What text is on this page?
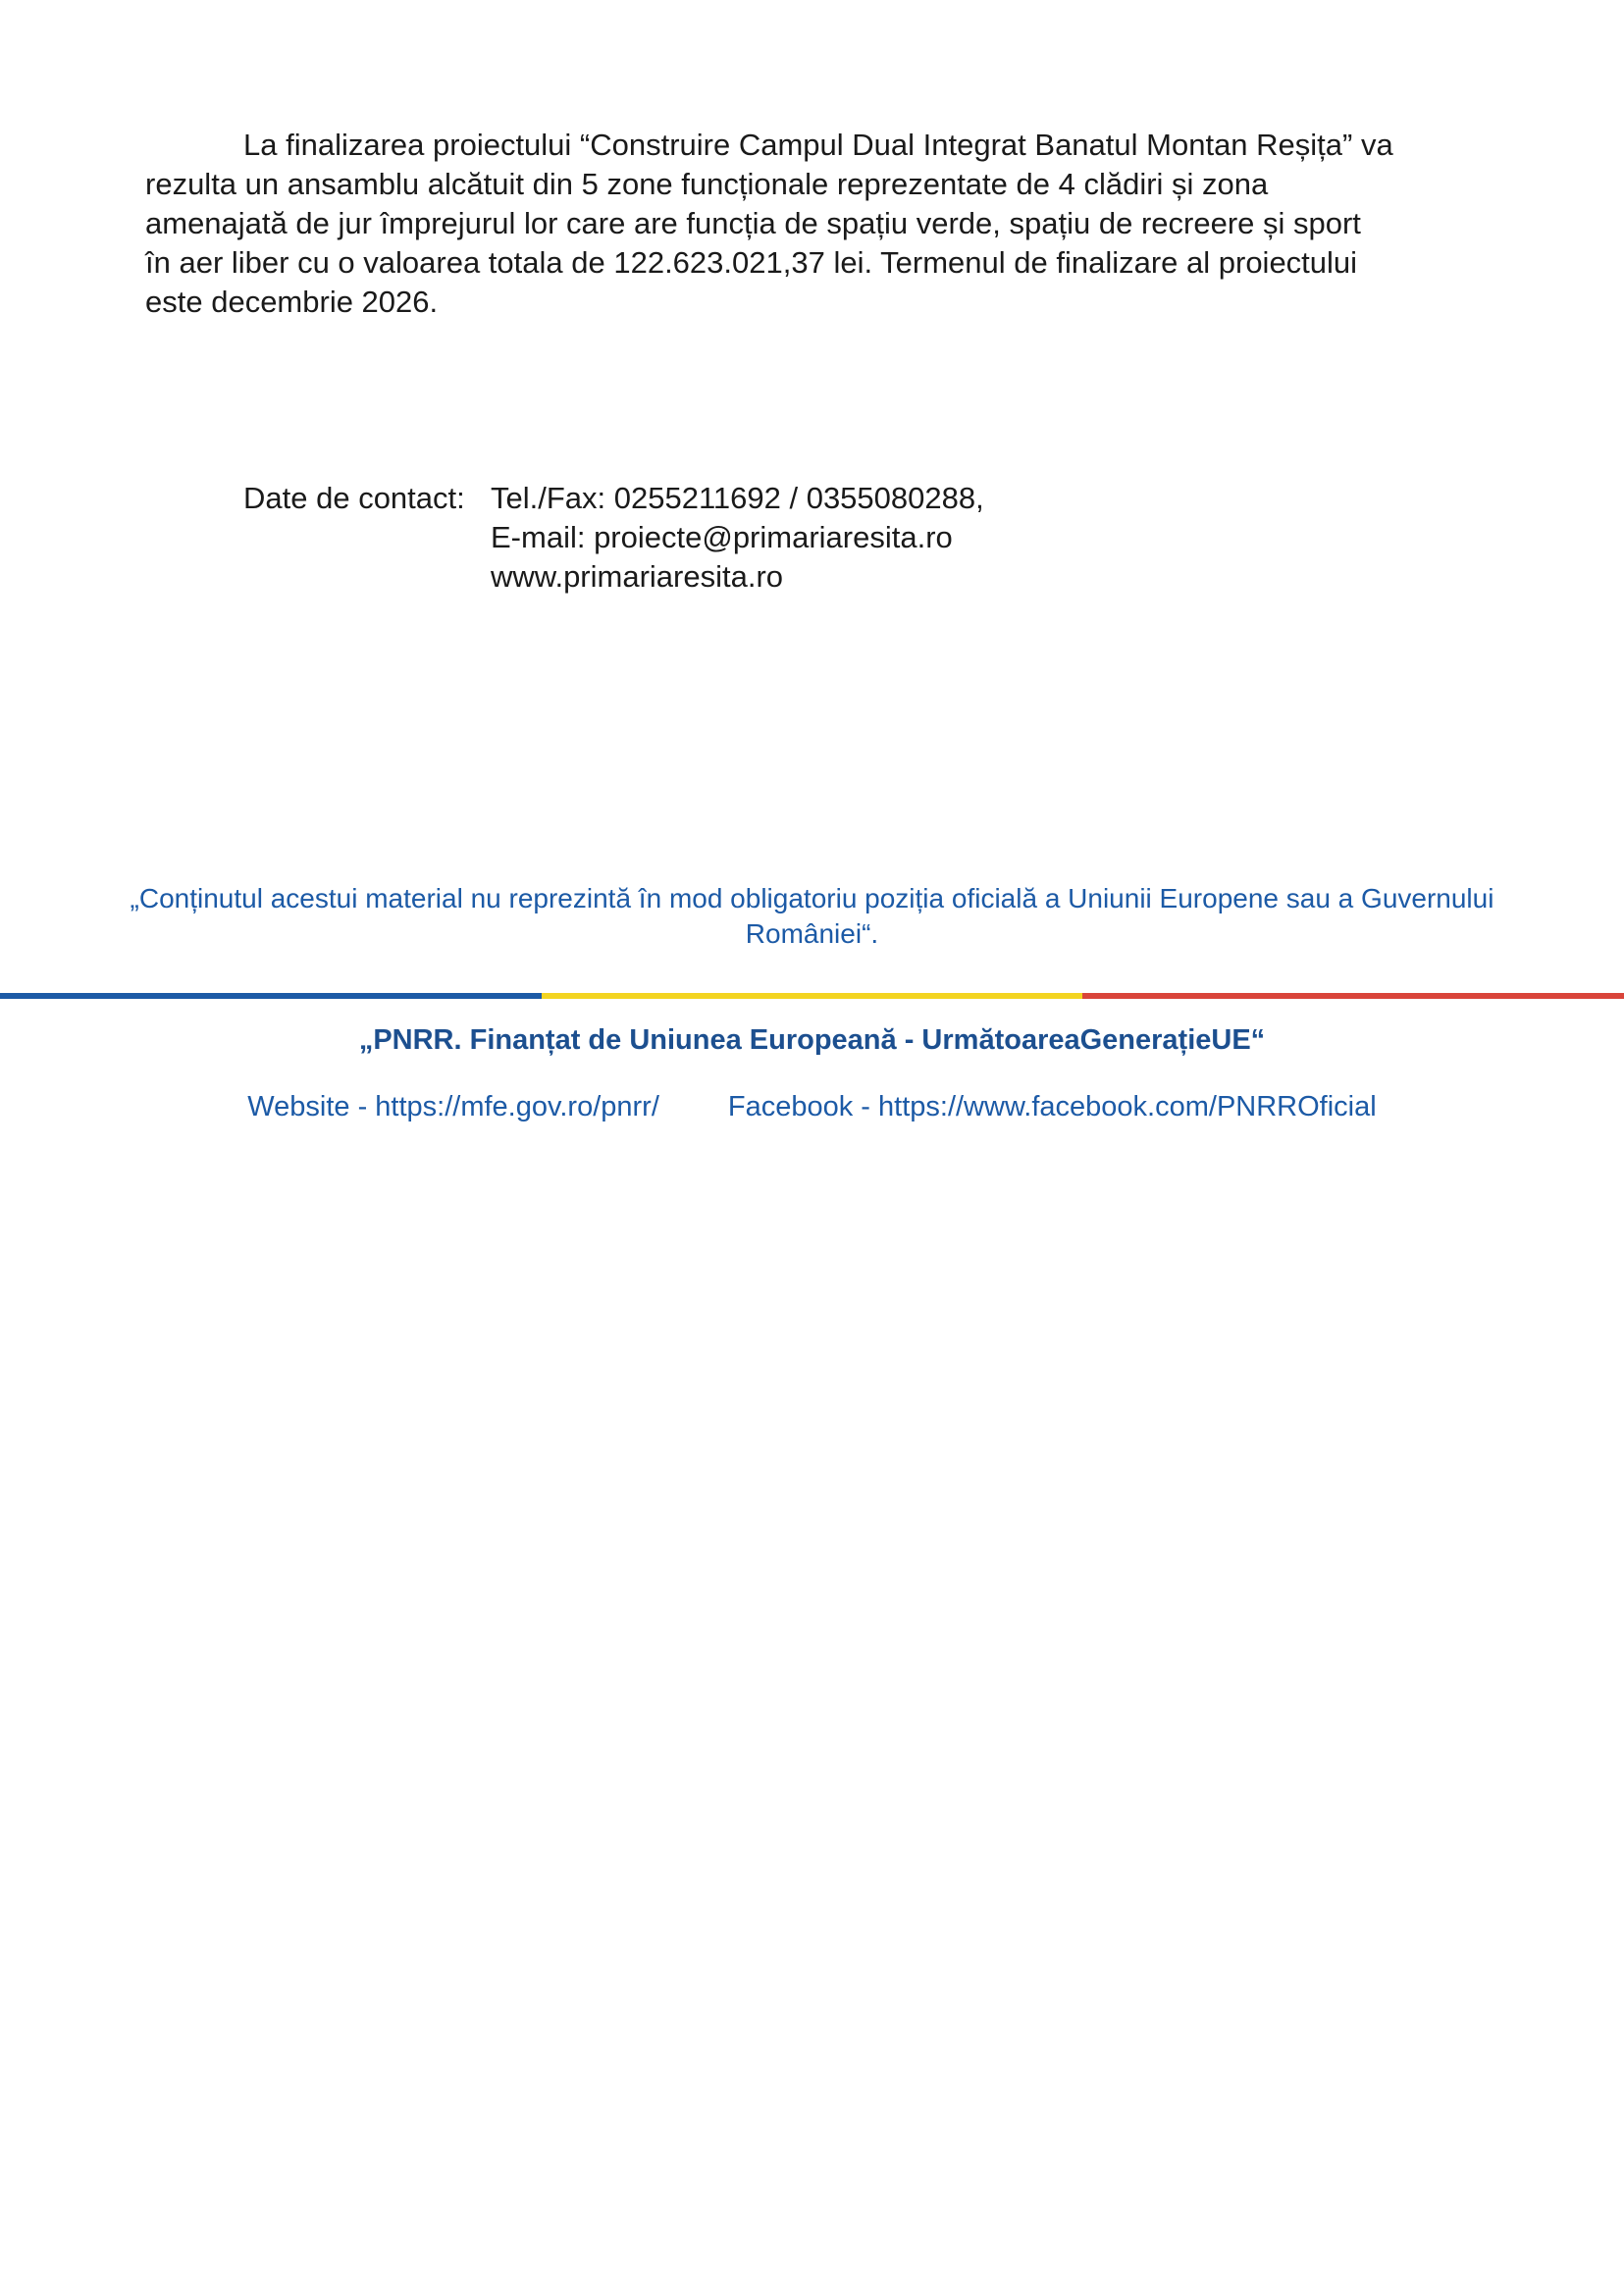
La finalizarea proiectului “Construire Campul Dual Integrat Banatul Montan Reșița” va
rezulta un ansamblu alcătuit din 5 zone funcționale reprezentate de 4 clădiri și zona
amenajată de jur împrejurul lor care are funcția de spațiu verde, spațiu de recreere și sport
în aer liber cu o valoarea totala de 122.623.021,37 lei. Termenul de finalizare al proiectului
este decembrie 2026.

Date de contact: Tel./Fax: 0255211692 / 0355080288,
E-mail: proiecte@primariaresita.ro
www.primariaresita.ro
„Conținutul acestui material nu reprezintă în mod obligatoriu poziția oficială a Uniunii Europene sau a Guvernului
României“.
„PNRR. Finanțat de Uniunea Europeană - UrmătoareaGenerațieUE“
Website - https://mfe.gov.ro/pnrr/ Facebook - https://www.facebook.com/PNRROficial
